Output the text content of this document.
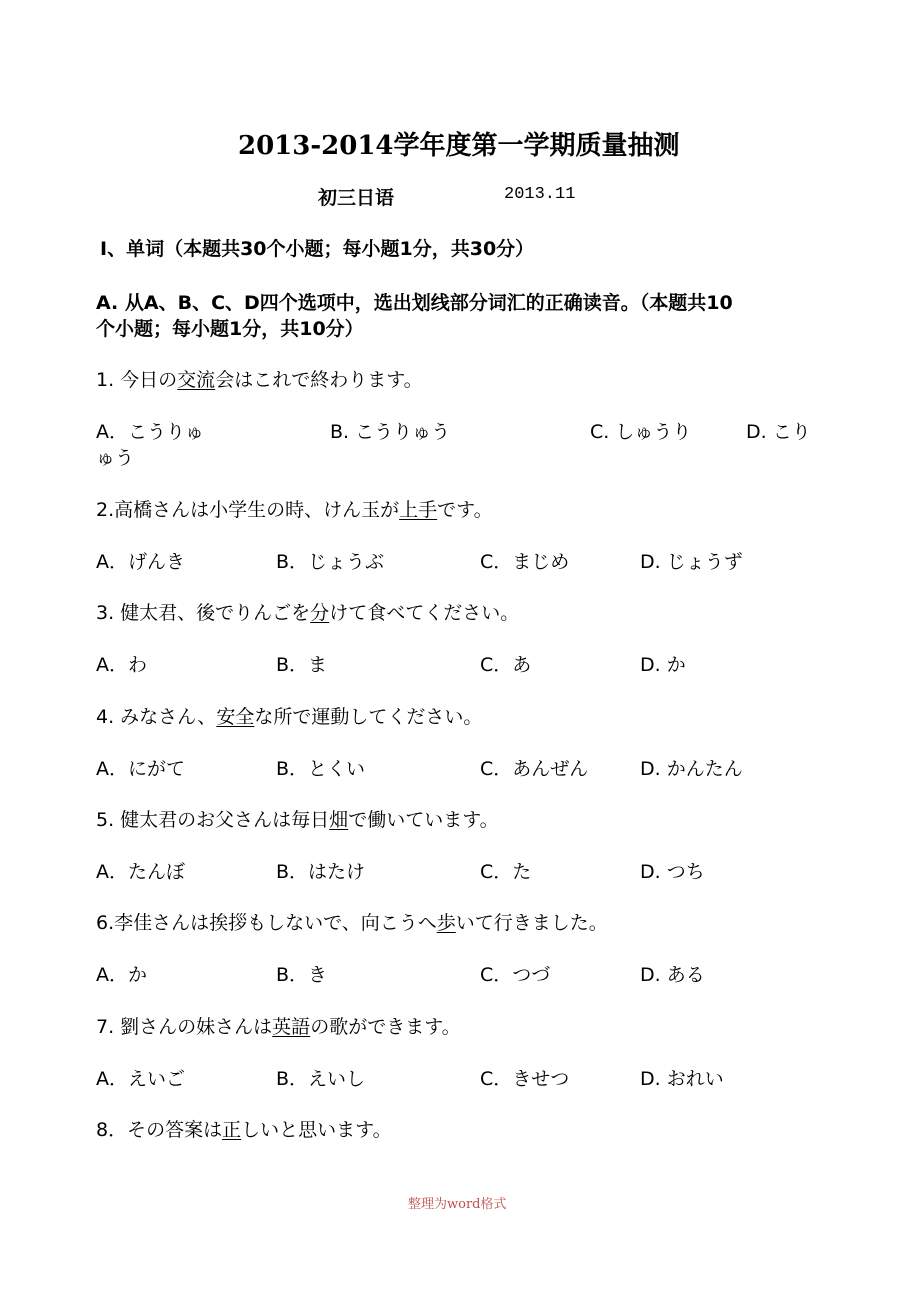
2013-2014学年度第一学期质量抽测
初三日语	2013.11
Ⅰ、单词（本题共30个小题；每小题1分，共30分）
A. 从A、B、C、D四个选项中，选出划线部分词汇的正确读音。（本题共10
个小题；每小题1分，共10分）
1. 今日の交流会はこれで終わります。
A．こうりゅ	B. こうりゅう	C. しゅうり	D. こり
ゅう
2.高橋さんは小学生の時、けん玉が上手です。
A．げんき	B．じょうぶ	C．まじめ	D. じょうず
3. 健太君、後でりんごを分けて食べてください。
A．わ	B．ま	C．あ	D. か
4. みなさん、安全な所で運動してください。
A．にがて	B．とくい	C．あんぜん	D. かんたん
5. 健太君のお父さんは毎日畑で働いています。
A．たんぼ	B．はたけ	C．た	D. つち
6.李佳さんは挨拶もしないで、向こうへ歩いて行きました。
A．か	B．き	C．つづ	D. ある
7. 劉さんの妹さんは英語の歌ができます。
A．えいご	B．えいし	C．きせつ	D. おれい
8．その答案は正しいと思います。
整理为word格式
